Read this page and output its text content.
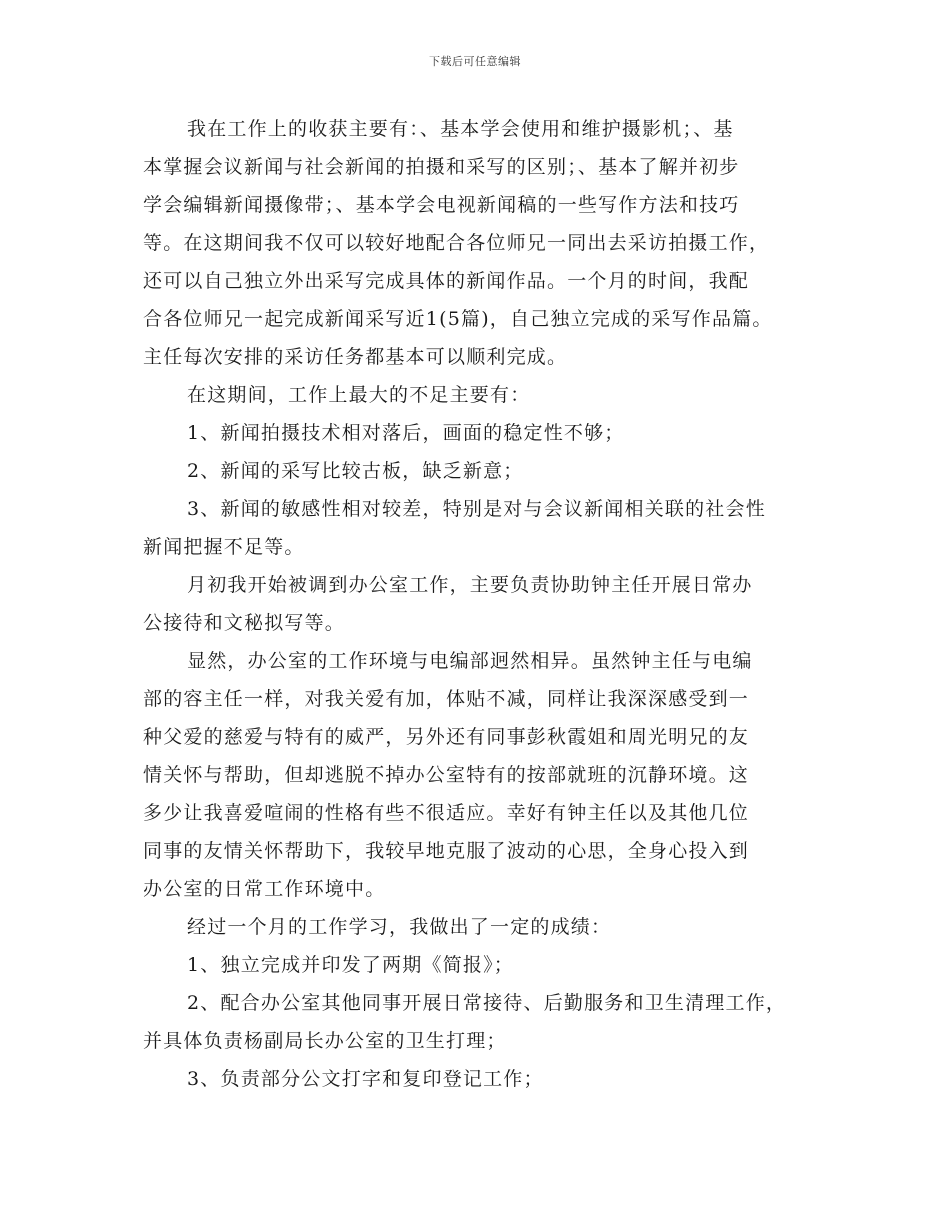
下载后可任意编辑
我在工作上的收获主要有：、基本学会使用和维护摄影机；、基
本掌握会议新闻与社会新闻的拍摄和采写的区别；、基本了解并初步
学会编辑新闻摄像带；、基本学会电视新闻稿的一些写作方法和技巧
等。在这期间我不仅可以较好地配合各位师兄一同出去采访拍摄工作，
还可以自己独立外出采写完成具体的新闻作品。一个月的时间，我配
合各位师兄一起完成新闻采写近1(5篇)，自己独立完成的采写作品篇。
主任每次安排的采访任务都基本可以顺利完成。
在这期间，工作上最大的不足主要有：
1、新闻拍摄技术相对落后，画面的稳定性不够；
2、新闻的采写比较古板，缺乏新意；
3、新闻的敏感性相对较差，特别是对与会议新闻相关联的社会性
新闻把握不足等。
月初我开始被调到办公室工作，主要负责协助钟主任开展日常办
公接待和文秘拟写等。
显然，办公室的工作环境与电编部迥然相异。虽然钟主任与电编
部的容主任一样，对我关爱有加，体贴不减，同样让我深深感受到一
种父爱的慈爱与特有的威严，另外还有同事彭秋霞姐和周光明兄的友
情关怀与帮助，但却逃脱不掉办公室特有的按部就班的沉静环境。这
多少让我喜爱喧闹的性格有些不很适应。幸好有钟主任以及其他几位
同事的友情关怀帮助下，我较早地克服了波动的心思，全身心投入到
办公室的日常工作环境中。
经过一个月的工作学习，我做出了一定的成绩：
1、独立完成并印发了两期《简报》；
2、配合办公室其他同事开展日常接待、后勤服务和卫生清理工作，
并具体负责杨副局长办公室的卫生打理；
3、负责部分公文打字和复印登记工作；
